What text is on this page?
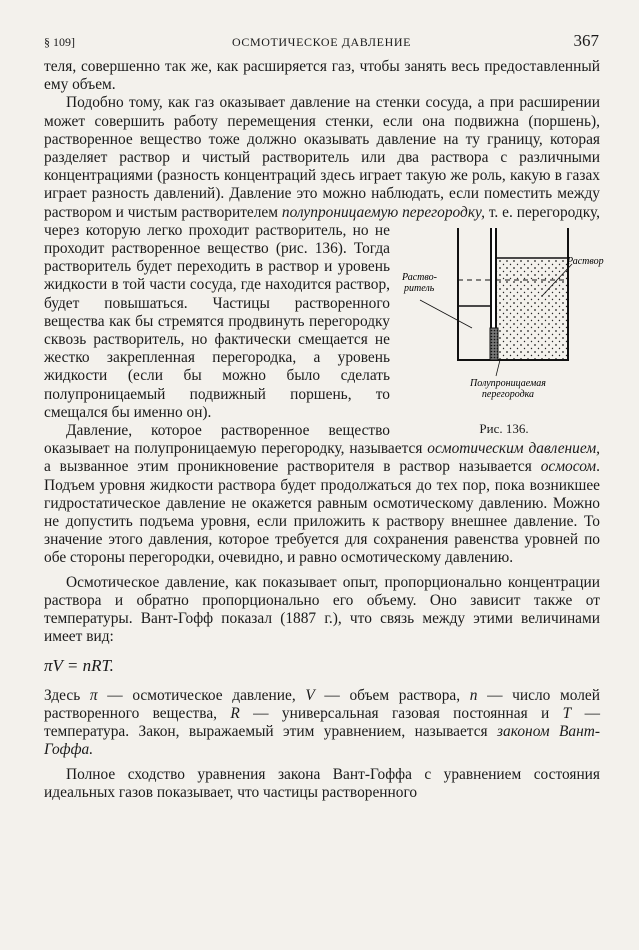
§ 109]	ОСМОТИЧЕСКОЕ ДАВЛЕНИЕ	367

теля, совершенно так же, как расширяется газ, чтобы занять весь предоставленный ему объем.

Подобно тому, как газ оказывает давление на стенки сосуда, а при расширении может совершить работу перемещения стенки, если она подвижна (поршень), растворенное вещество тоже должно оказывать давление на ту границу, которая разделяет раствор и чистый растворитель или два раствора с различными концентрациями (разность концентраций здесь играет такую же роль, какую в газах играет разность давлений). Давление это можно наблюдать, если поместить между раствором и чистым растворителем полупроницаемую перегородку,
Раство-
ритель
Раствор
Полупроницаемая
перегородка
Рис. 136.
т. е. перегородку, через которую легко проходит растворитель, но не проходит растворенное вещество (рис. 136). Тогда растворитель будет переходить в раствор и уровень жидкости в той части сосуда, где находится раствор, будет повышаться. Частицы растворенного вещества как бы стремятся продвинуть перегородку сквозь растворитель, но фактически смещается не жестко закрепленная перегородка, а уровень жидкости (если бы можно было сделать полупроницаемый подвижный поршень, то смещался бы именно он).

Давление, которое растворенное вещество оказывает на полупроницаемую перегородку, называется осмотическим давлением, а вызванное этим проникновение растворителя в раствор называется осмосом. Подъем уровня жидкости раствора будет продолжаться до тех пор, пока возникшее гидростатическое давление не окажется равным осмотическому давлению. Можно не допустить подъема уровня, если приложить к раствору внешнее давление. То значение этого давления, которое требуется для сохранения равенства уровней по обе стороны перегородки, очевидно, и равно осмотическому давлению.

Осмотическое давление, как показывает опыт, пропорционально концентрации раствора и обратно пропорционально его объему. Оно зависит также от температуры. Вант-Гофф показал (1887 г.), что связь между этими величинами имеет вид:

πV = nRT.

Здесь π — осмотическое давление, V — объем раствора, n — число молей растворенного вещества, R — универсальная газовая постоянная и T — температура. Закон, выражаемый этим уравнением, называется законом Вант-Гоффа.

Полное сходство уравнения закона Вант-Гоффа с уравнением состояния идеальных газов показывает, что частицы растворенного
